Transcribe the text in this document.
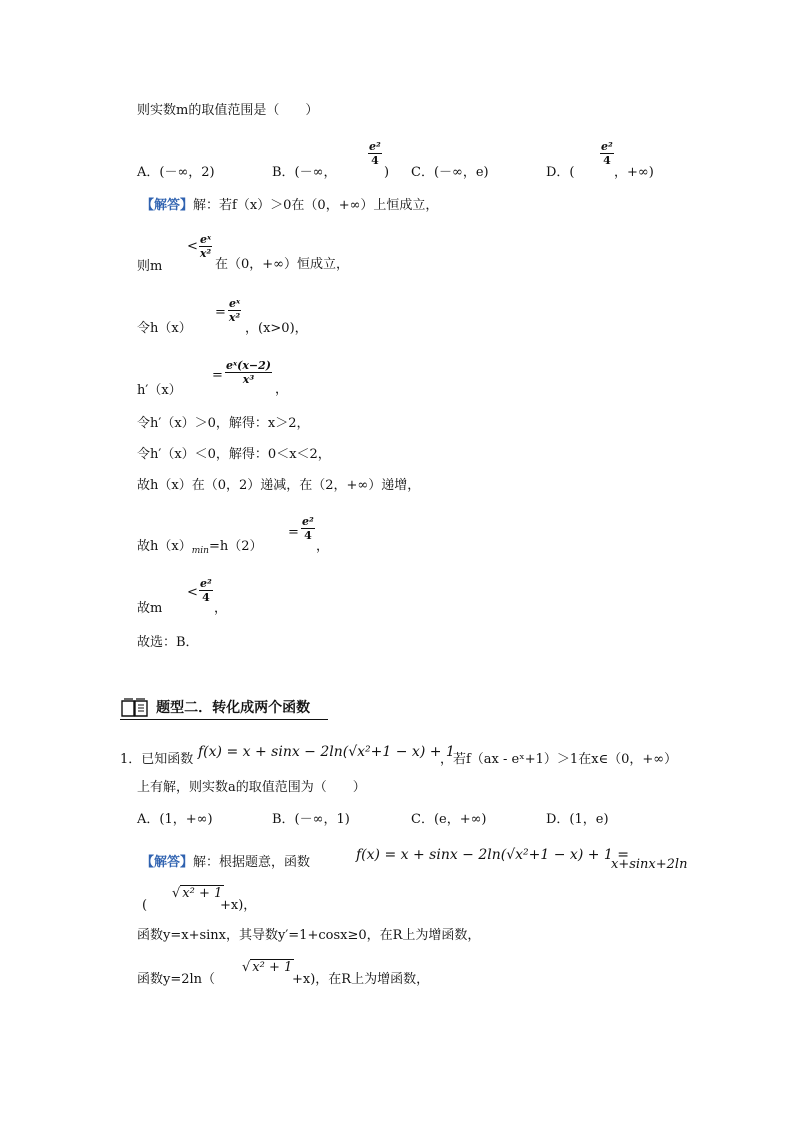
则实数m的取值范围是（　　）
A．(－∞，2)	B．(－∞，
$\frac{\text{e²}}{4}$
) C．(－∞，e)	D．(
$\frac{\text{e²}}{4}$
，+∞)
【解答】解：若f（x）＞0在（0，+∞）上恒成立，
则m
< $\frac{\text{eˣ}}{\text{x²}}$
在（0，+∞）恒成立，
令h（x）
= $\frac{\text{eˣ}}{\text{x²}}$
，(x>0)，
h′（x）
= $\frac{\text{eˣ(x−2)}}{\text{x³}}$
，
令h′（x）＞0，解得：x＞2，
令h′（x）＜0，解得：0＜x＜2，
故h（x）在（0，2）递减，在（2，+∞）递增，
故$h(x)_{min}=h(2)$
= $\frac{\text{e²}}{4}$
，
故m
< $\frac{\text{e²}}{4}$
，
故选：B．
题型二．转化成两个函数
1．已知函数 f(x) = x + sinx − 2ln(√x²+1 − x) + 1
，若f（ax - eˣ+1）＞1在x∈（0，+∞）
上有解，则实数a的取值范围为（　　）
A．(1，+∞)	B．(－∞，1)	C．(e，+∞)	D．(1，e)
【解答】解：根据题意，函数	f(x) = x + sinx − 2ln(√x²+1 − x) + 1 =
x+sinx+2ln
(
√ x² + 1
+x)，
函数y=x+sinx，其导数y′=1+cosx≥0，在R上为增函数，
函数y=2ln（
√ x² + 1
+x)，在R上为增函数，
